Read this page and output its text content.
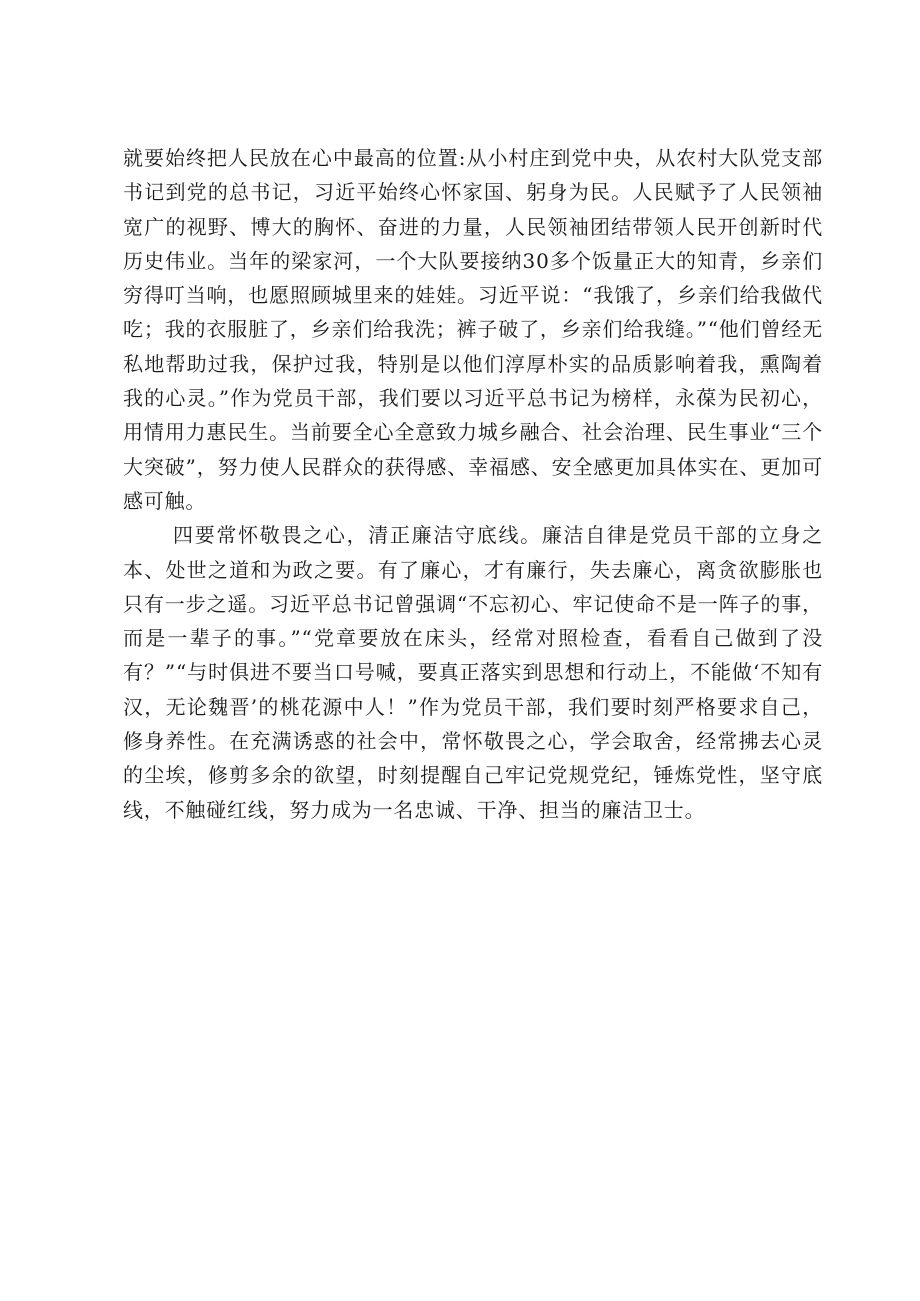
就要始终把人民放在心中最高的位置:从小村庄到党中央，从农村大队党支部书记到党的总书记，习近平始终心怀家国、躬身为民。人民赋予了人民领袖宽广的视野、博大的胸怀、奋进的力量，人民领袖团结带领人民开创新时代历史伟业。当年的梁家河，一个大队要接纳30多个饭量正大的知青，乡亲们穷得叮当响，也愿照顾城里来的娃娃。习近平说：“我饿了，乡亲们给我做代吃；我的衣服脏了，乡亲们给我洗；裤子破了，乡亲们给我缝。”“他们曾经无私地帮助过我，保护过我，特别是以他们淳厚朴实的品质影响着我，熏陶着我的心灵。”作为党员干部，我们要以习近平总书记为榜样，永葆为民初心，用情用力惠民生。当前要全心全意致力城乡融合、社会治理、民生事业“三个大突破”，努力使人民群众的获得感、幸福感、安全感更加具体实在、更加可感可触。

四要常怀敬畏之心，清正廉洁守底线。廉洁自律是党员干部的立身之本、处世之道和为政之要。有了廉心，才有廉行，失去廉心，离贪欲膨胀也只有一步之遥。习近平总书记曾强调“不忘初心、牢记使命不是一阵子的事，而是一辈子的事。”“党章要放在床头，经常对照检查，看看自己做到了没有？”“与时俱进不要当口号喊，要真正落实到思想和行动上，不能做‘不知有汉，无论魏晋’的桃花源中人！”作为党员干部，我们要时刻严格要求自己，修身养性。在充满诱惑的社会中，常怀敬畏之心，学会取舍，经常拂去心灵的尘埃，修剪多余的欲望，时刻提醒自己牢记党规党纪，锤炼党性，坚守底线，不触碰红线，努力成为一名忠诚、干净、担当的廉洁卫士。
